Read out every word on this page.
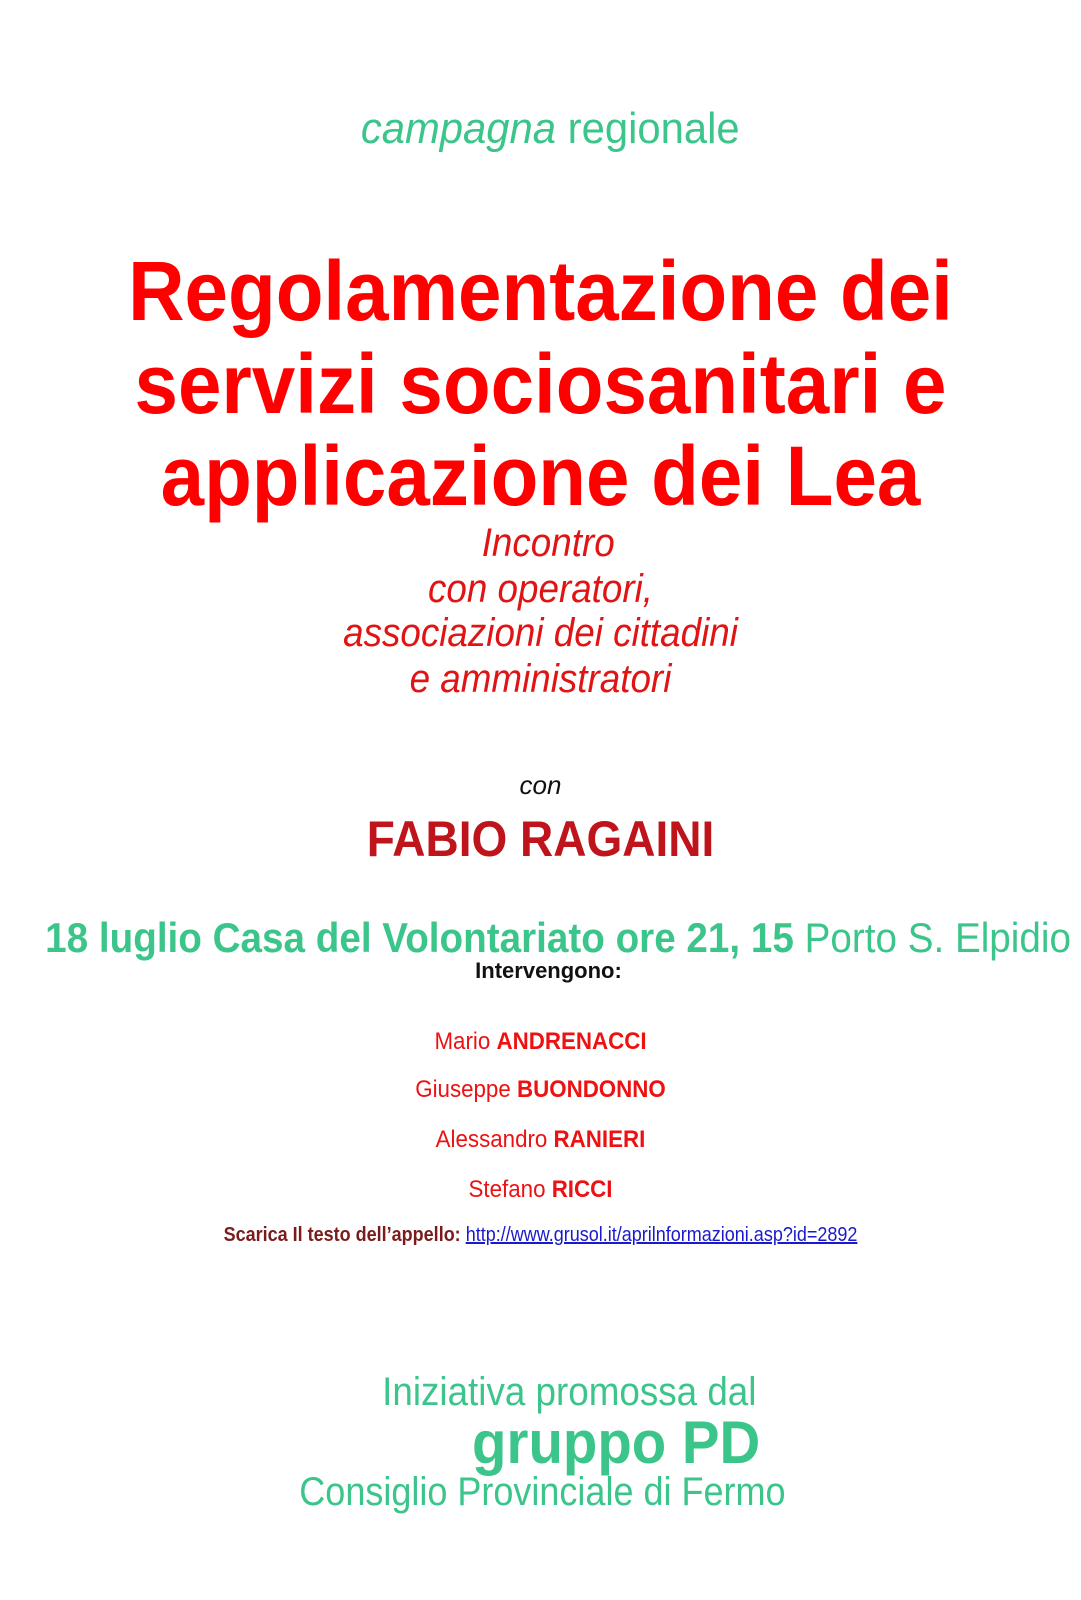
campagna regionale
Regolamentazione dei
servizi sociosanitari e
applicazione dei Lea
Incontro
con operatori,
associazioni dei cittadini
e amministratori
con
FABIO RAGAINI
18 luglio Casa del Volontariato ore 21, 15 Porto S. Elpidio
Intervengono:
Mario ANDRENACCI
Giuseppe BUONDONNO
Alessandro RANIERI
Stefano RICCI
Scarica Il testo dell’appello: http://www.grusol.it/aprilnformazioni.asp?id=2892
Iniziativa promossa dal
gruppo PD
Consiglio Provinciale di Fermo
